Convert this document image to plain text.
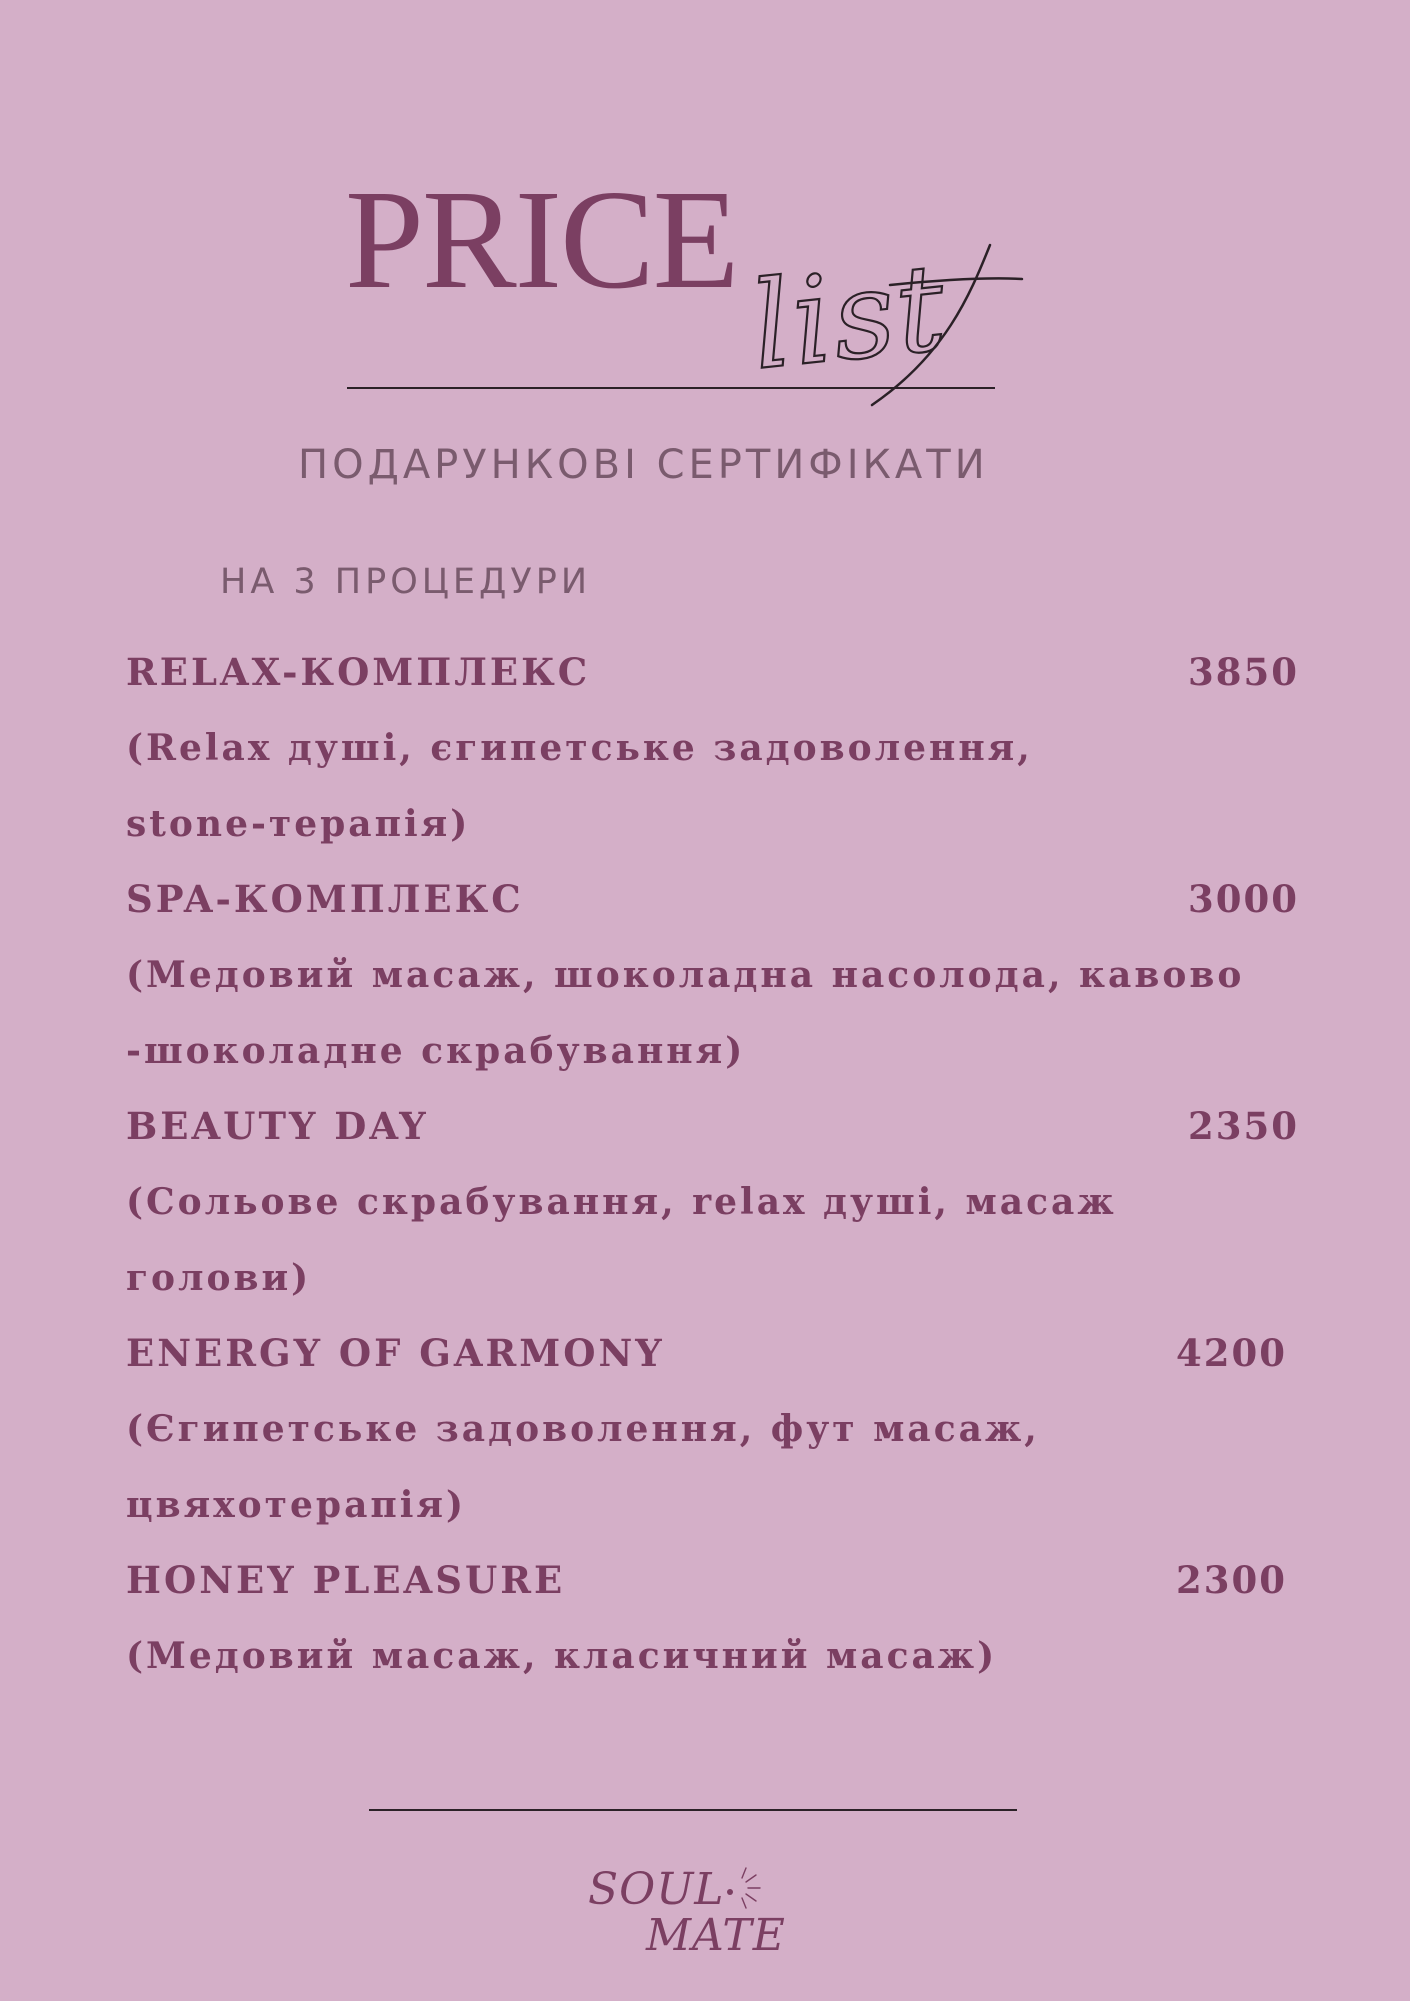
PRICE list
ПОДАРУНКОВІ СЕРТИФІКАТИ
НА 3 ПРОЦЕДУРИ
RELAX-КОМПЛЕКС	3850
(Relax душі, єгипетське задоволення,
stone-терапія)
SPA-КОМПЛЕКС	3000
(Медовий масаж, шоколадна насолода, кавово
-шоколадне скрабування)
BEAUTY DAY	2350
(Сольове скрабування, relax душі, масаж
голови)
ENERGY OF GARMONY	4200
(Єгипетське задоволення, фут масаж,
цвяхотерапія)
HONEY PLEASURE	2300
(Медовий масаж, класичний масаж)
SOUL
MATE
